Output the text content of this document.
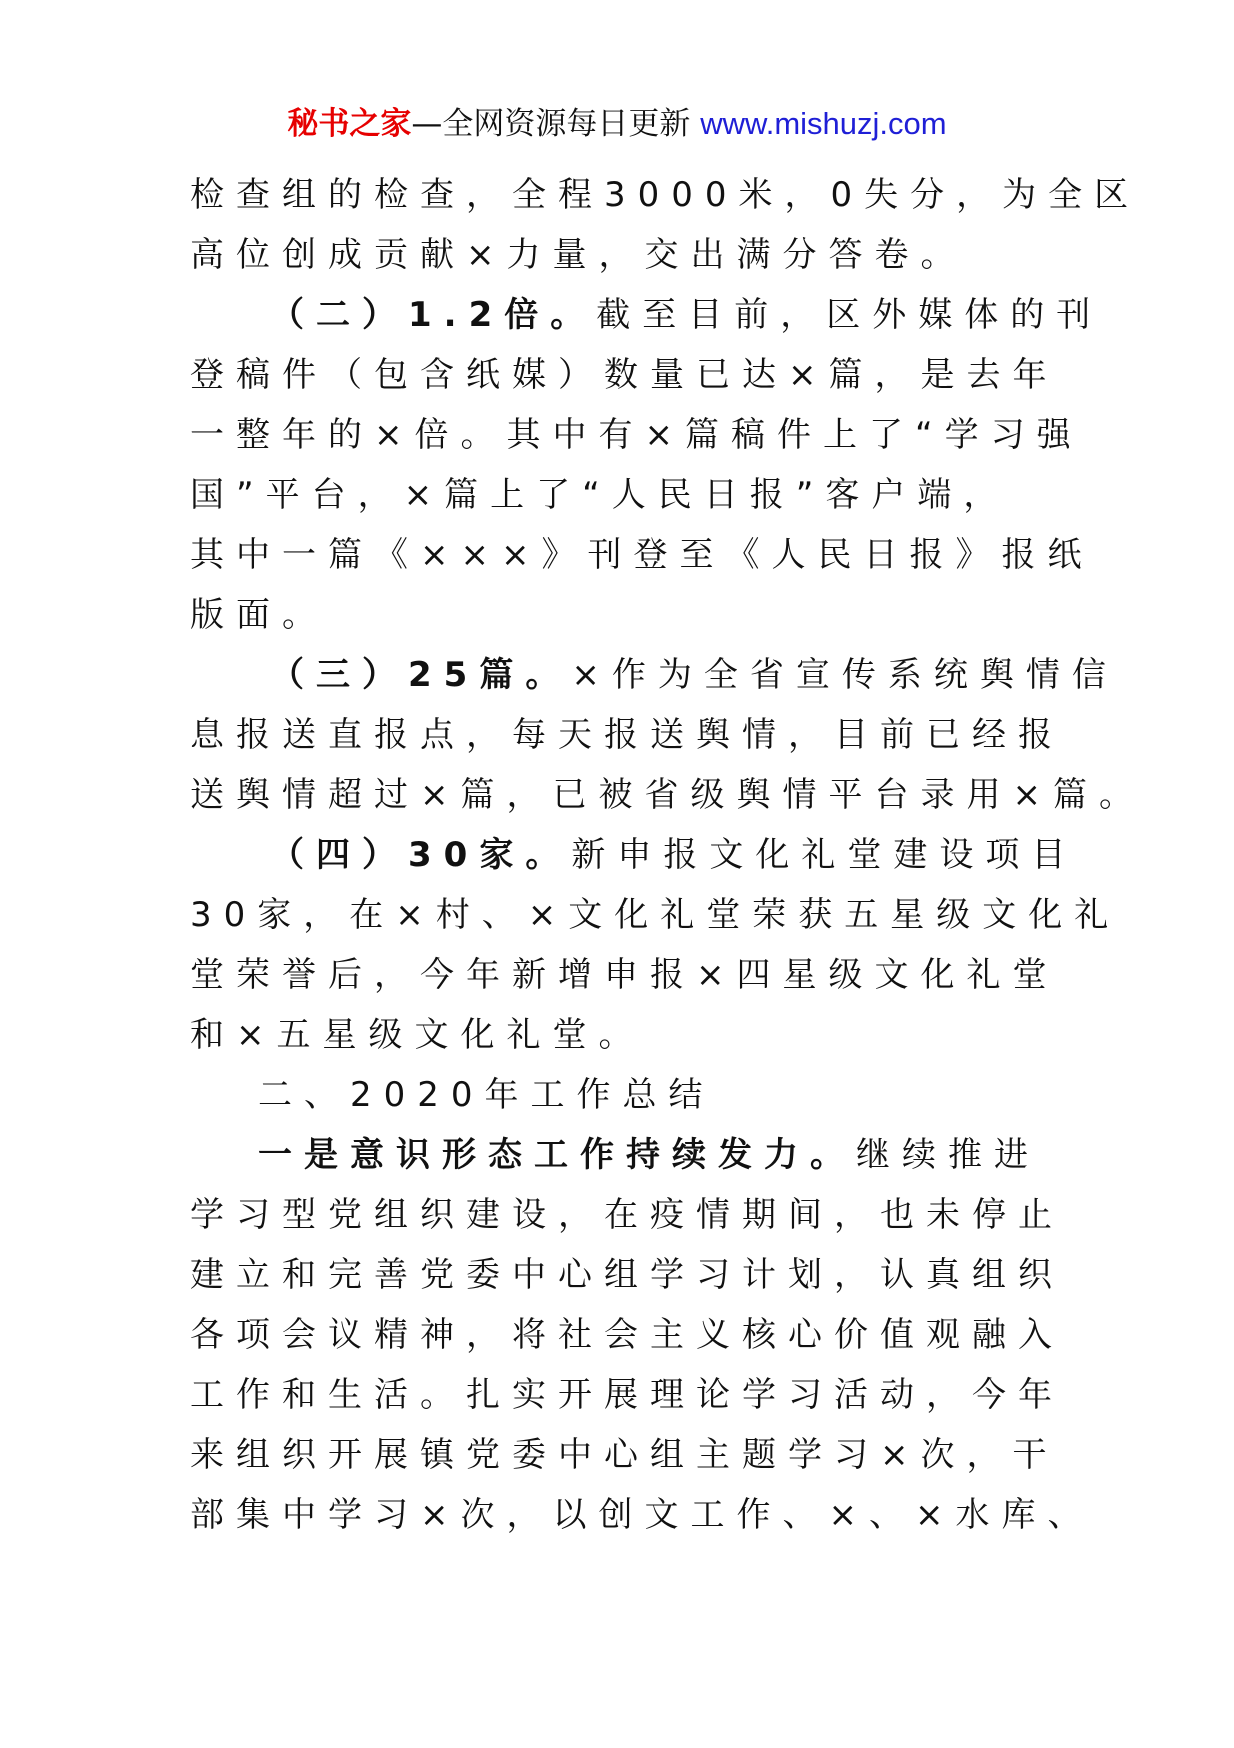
秘书之家—全网资源每日更新 www.mishuzj.com
检查组的检查，全程3000米，0失分，为全区
高位创成贡献×力量，交出满分答卷。
（二）1.2倍。截至目前，区外媒体的刊
登稿件（包含纸媒）数量已达×篇，是去年
一整年的×倍。其中有×篇稿件上了“学习强
国”平台，×篇上了“人民日报”客户端，
其中一篇《×××》刊登至《人民日报》报纸
版面。
（三）25篇。×作为全省宣传系统舆情信
息报送直报点，每天报送舆情，目前已经报
送舆情超过×篇，已被省级舆情平台录用×篇。
（四）30家。新申报文化礼堂建设项目
30家，在×村、×文化礼堂荣获五星级文化礼
堂荣誉后，今年新增申报×四星级文化礼堂
和×五星级文化礼堂。
二、2020年工作总结
一是意识形态工作持续发力。继续推进
学习型党组织建设，在疫情期间，也未停止
建立和完善党委中心组学习计划，认真组织
各项会议精神，将社会主义核心价值观融入
工作和生活。扎实开展理论学习活动，今年
来组织开展镇党委中心组主题学习×次，干
部集中学习×次，以创文工作、×、×水库、
